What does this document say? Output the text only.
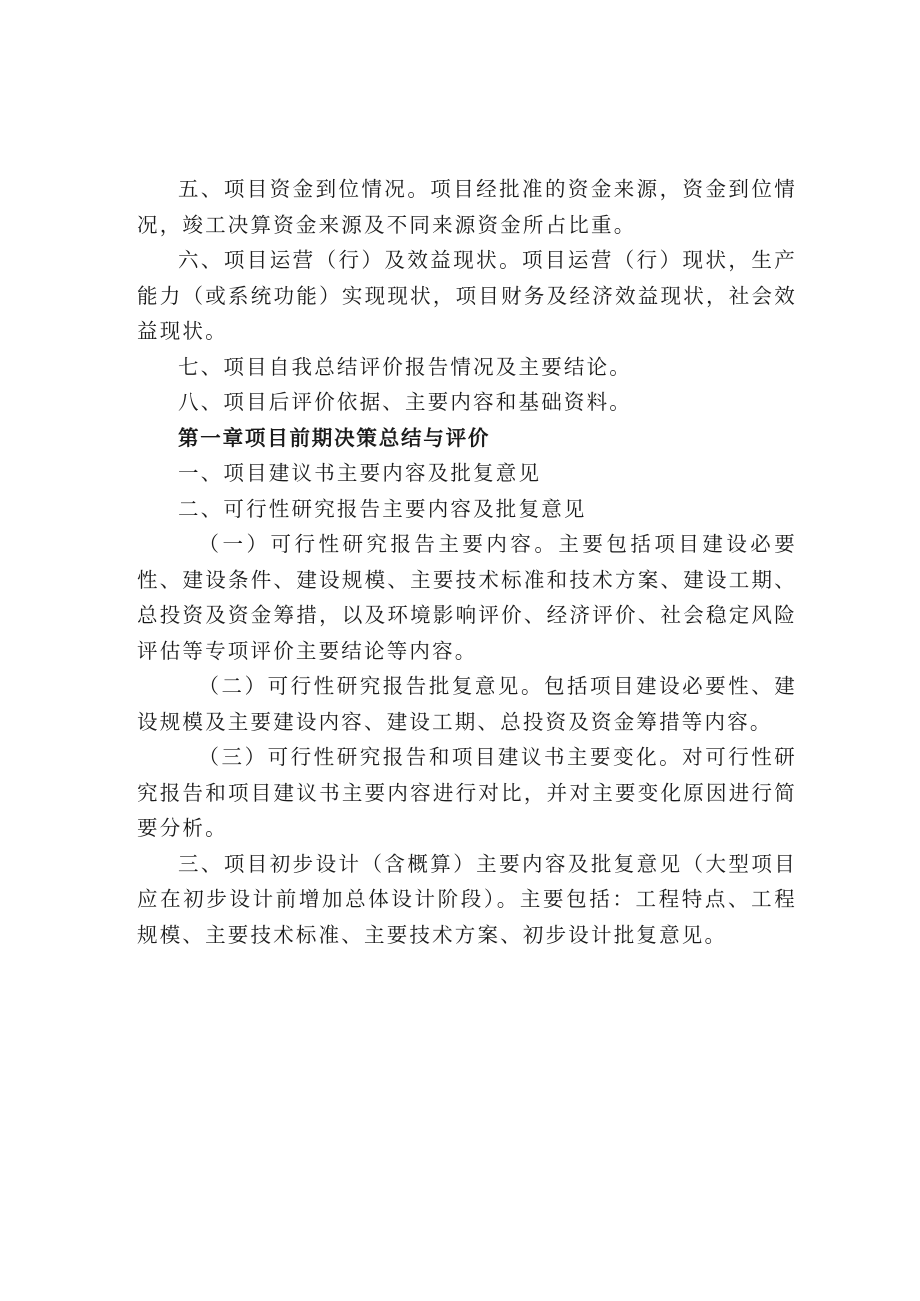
五、项目资金到位情况。项目经批准的资金来源，资金到位情况，竣工决算资金来源及不同来源资金所占比重。

六、项目运营（行）及效益现状。项目运营（行）现状，生产能力（或系统功能）实现现状，项目财务及经济效益现状，社会效益现状。

七、项目自我总结评价报告情况及主要结论。

八、项目后评价依据、主要内容和基础资料。

第一章项目前期决策总结与评价

一、项目建议书主要内容及批复意见

二、可行性研究报告主要内容及批复意见

（一）可行性研究报告主要内容。主要包括项目建设必要性、建设条件、建设规模、主要技术标准和技术方案、建设工期、总投资及资金筹措，以及环境影响评价、经济评价、社会稳定风险评估等专项评价主要结论等内容。

（二）可行性研究报告批复意见。包括项目建设必要性、建设规模及主要建设内容、建设工期、总投资及资金筹措等内容。

（三）可行性研究报告和项目建议书主要变化。对可行性研究报告和项目建议书主要内容进行对比，并对主要变化原因进行简要分析。

三、项目初步设计（含概算）主要内容及批复意见（大型项目应在初步设计前增加总体设计阶段）。主要包括：工程特点、工程规模、主要技术标准、主要技术方案、初步设计批复意见。
